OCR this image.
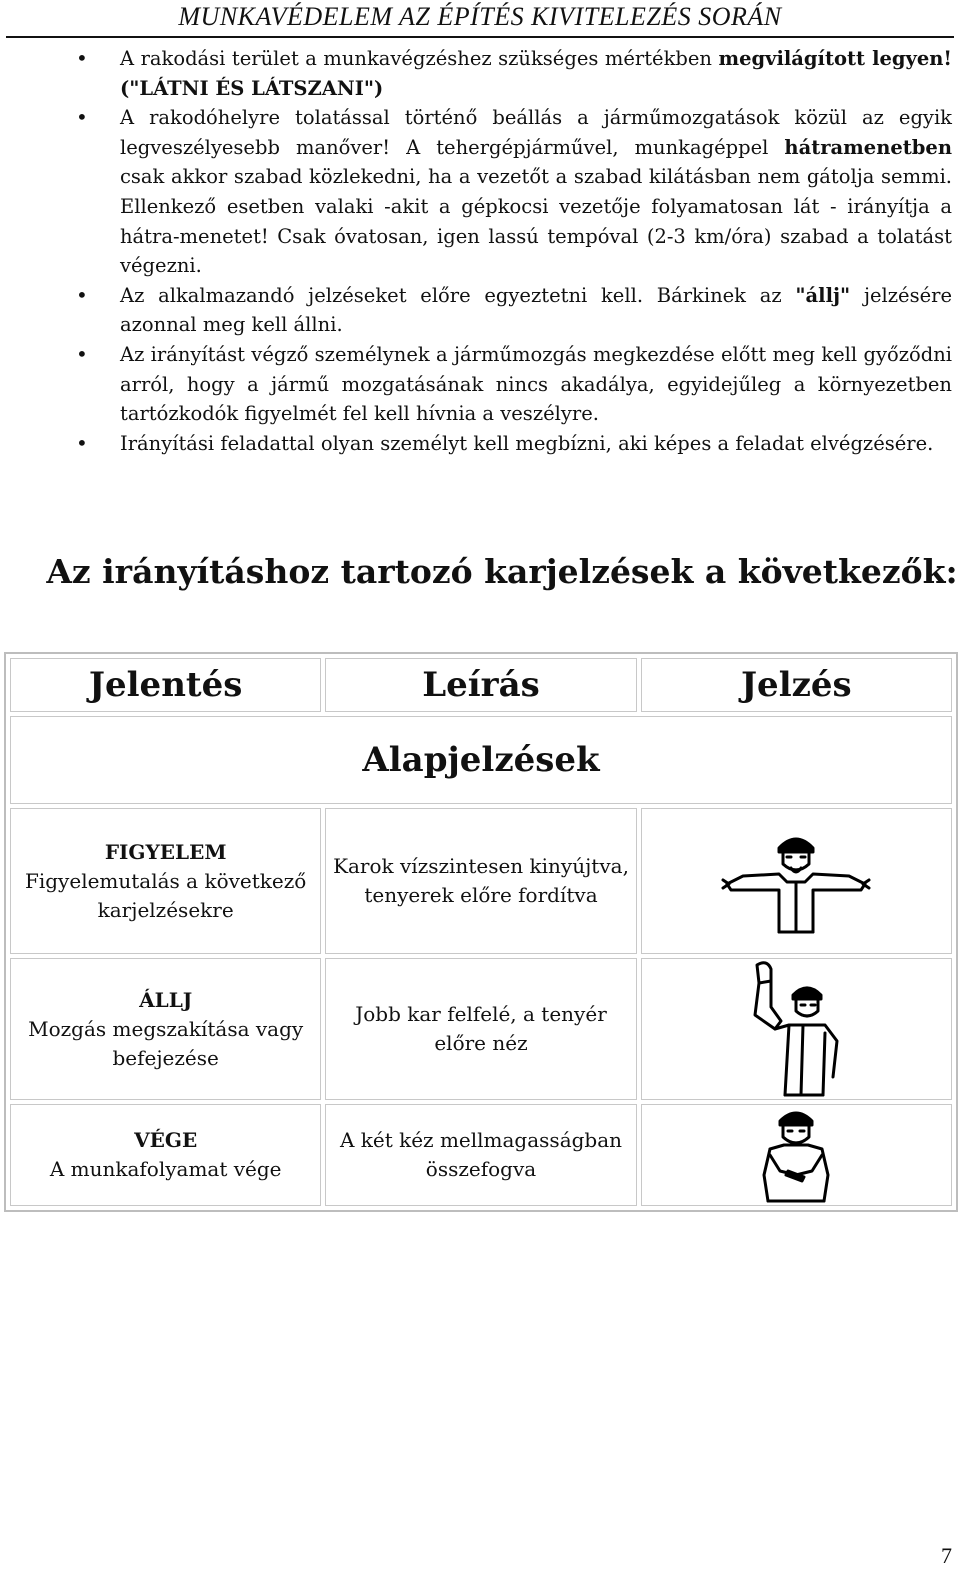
MUNKAVÉDELEM AZ ÉPÍTÉS KIVITELEZÉS SORÁN
• A rakodási terület a munkavégzéshez szükséges mértékben megvilágított legyen! ("LÁTNI ÉS LÁTSZANI")
• A rakodóhelyre tolatással történő beállás a járműmozgatások közül az egyik legveszélyesebb manőver! A tehergépjárművel, munkagéppel hátramenetben csak akkor szabad közlekedni, ha a vezetőt a szabad kilátásban nem gátolja semmi. Ellenkező esetben valaki -akit a gépkocsi vezetője folyamatosan lát - irányítja a hátra-menetet! Csak óvatosan, igen lassú tempóval (2-3 km/óra) szabad a tolatást végezni.
• Az alkalmazandó jelzéseket előre egyeztetni kell. Bárkinek az "állj" jelzésére azonnal meg kell állni.
• Az irányítást végző személynek a járműmozgás megkezdése előtt meg kell győződni arról, hogy a jármű mozgatásának nincs akadálya, egyidejűleg a környezetben tartózkodók figyelmét fel kell hívnia a veszélyre.
• Irányítási feladattal olyan személyt kell megbízni, aki képes a feladat elvégzésére.
Az irányításhoz tartozó karjelzések a következők:
Jelentés	Leírás	Jelzés
Alapjelzések		

FIGYELEM
Figyelemutalás a következő karjelzésekre	Karok vízszintesen kinyújtva, tenyerek előre fordítva	

ÁLLJ
Mozgás megszakítása vagy befejezése	Jobb kar felfelé, a tenyér előre néz	

VÉGE
A munkafolyamat vége	A két kéz mellmagasságban összefogva	
7
